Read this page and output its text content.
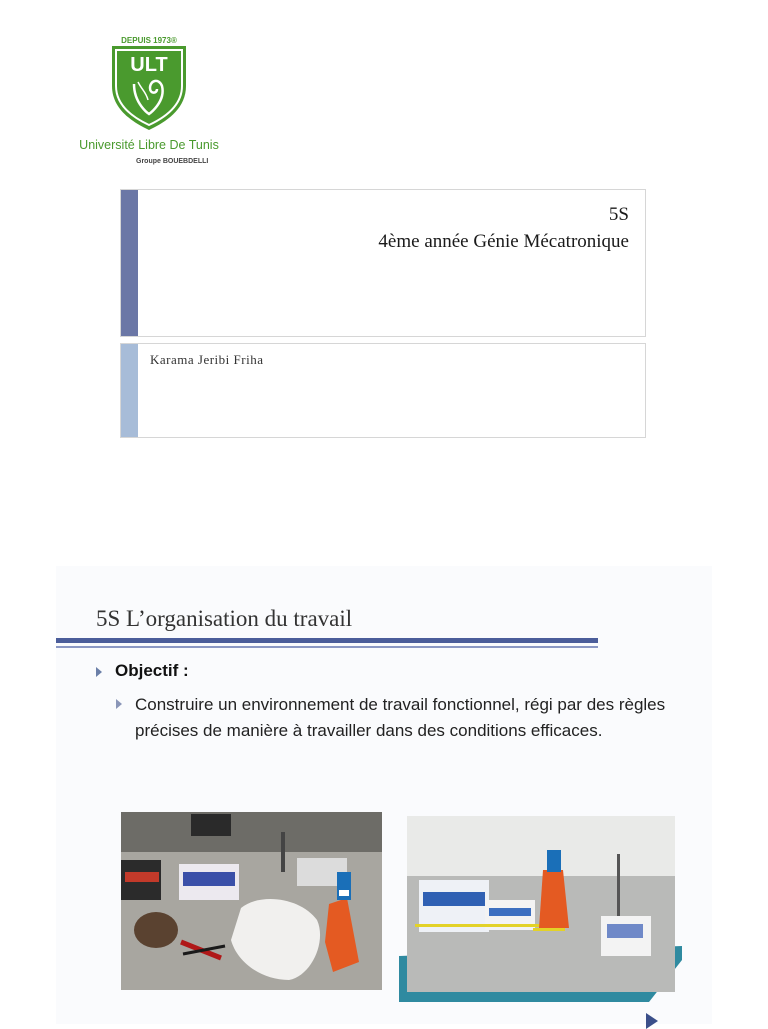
DEPUIS 1973®
ULT
Université Libre De Tunis
Groupe BOUEBDELLI
5S
4ème année Génie Mécatronique
Karama Jeribi Friha
5S L’organisation du travail
Objectif :
Construire un environnement de travail fonctionnel, régi par des règles précises de manière à travailler dans des conditions efficaces.
